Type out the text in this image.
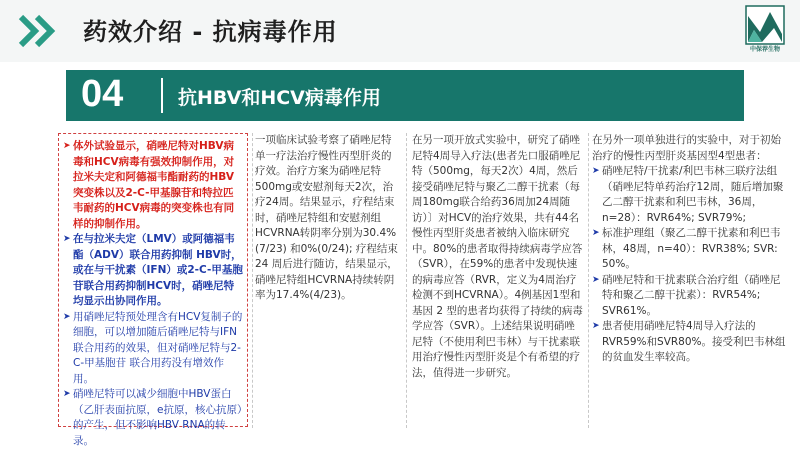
药效介绍 - 抗病毒作用
中保荐生物
04	抗HBV和HCV病毒作用
➤ 体外试验显示，硝唑尼特对HBV病毒和HCV病毒有强效抑制作用，对拉米夫定和阿德福韦酯耐药的HBV突变株以及2-C-甲基腺苷和特拉匹韦耐药的HCV病毒的突变株也有同样的抑制作用。
➤ 在与拉米夫定（LMV）或阿德福韦酯（ADV）联合用药抑制 HBV时，或在与干扰素（IFN）或2-C-甲基胞苷联合用药抑制HCV时，硝唑尼特均显示出协同作用。
➤ 用硝唑尼特预处理含有HCV复制子的细胞，可以增加随后硝唑尼特与IFN联合用药的效果，但对硝唑尼特与2-C-甲基胞苷 联合用药没有增效作用。
➤ 硝唑尼特可以减少细胞中HBV蛋白（乙肝表面抗原，e抗原，核心抗原）的产生，但不影响HBV RNA的转录。

一项临床试验考察了硝唑尼特单一疗法治疗慢性丙型肝炎的疗效。治疗方案为硝唑尼特500mg或安慰剂每天2次，治疗24周。结果显示，疗程结束时，硝唑尼特组和安慰剂组HCVRNA转阴率分别为30.4%(7/23) 和0%(0/24); 疗程结束24 周后进行随访，结果显示，硝唑尼特组HCVRNA持续转阴率为17.4%(4/23)。

在另一项开放式实验中，研究了硝唑尼特4周导入疗法(患者先口服硝唑尼特（500mg，每天2次）4周，然后接受硝唑尼特与聚乙二醇干扰素（每周180mg联合给药36周加24周随访）〕对HCV的治疗效果，共有44名慢性丙型肝炎患者被纳入临床研究中。80%的患者取得持续病毒学应答（SVR），在59%的患者中发现快速的病毒应答（RVR，定义为4周治疗检测不到HCVRNA）。4例基因1型和基因 2 型的患者均获得了持续的病毒学应答（SVR）。上述结果说明硝唑尼特（不使用利巴韦林）与干扰素联用治疗慢性丙型肝炎是个有希望的疗法，值得进一步研究。

在另外一项单独进行的实验中，对于初始治疗的慢性丙型肝炎基因型4型患者：

➤ 硝唑尼特/干扰素/利巴韦林三联疗法组 （硝唑尼特单药治疗12周，随后增加聚乙二醇干扰素和利巴韦林，36周，n=28）：RVR64%; SVR79%;
➤ 标准护理组（聚乙二醇干扰素和利巴韦林，48周，n=40）：RVR38%; SVR: 50%。
➤ 硝唑尼特和干扰素联合治疗组（硝唑尼特和聚乙二醇干扰素）：RVR54%; SVR61%。
➤ 患者使用硝唑尼特4周导入疗法的RVR59%和SVR80%。接受利巴韦林组的贫血发生率较高。
